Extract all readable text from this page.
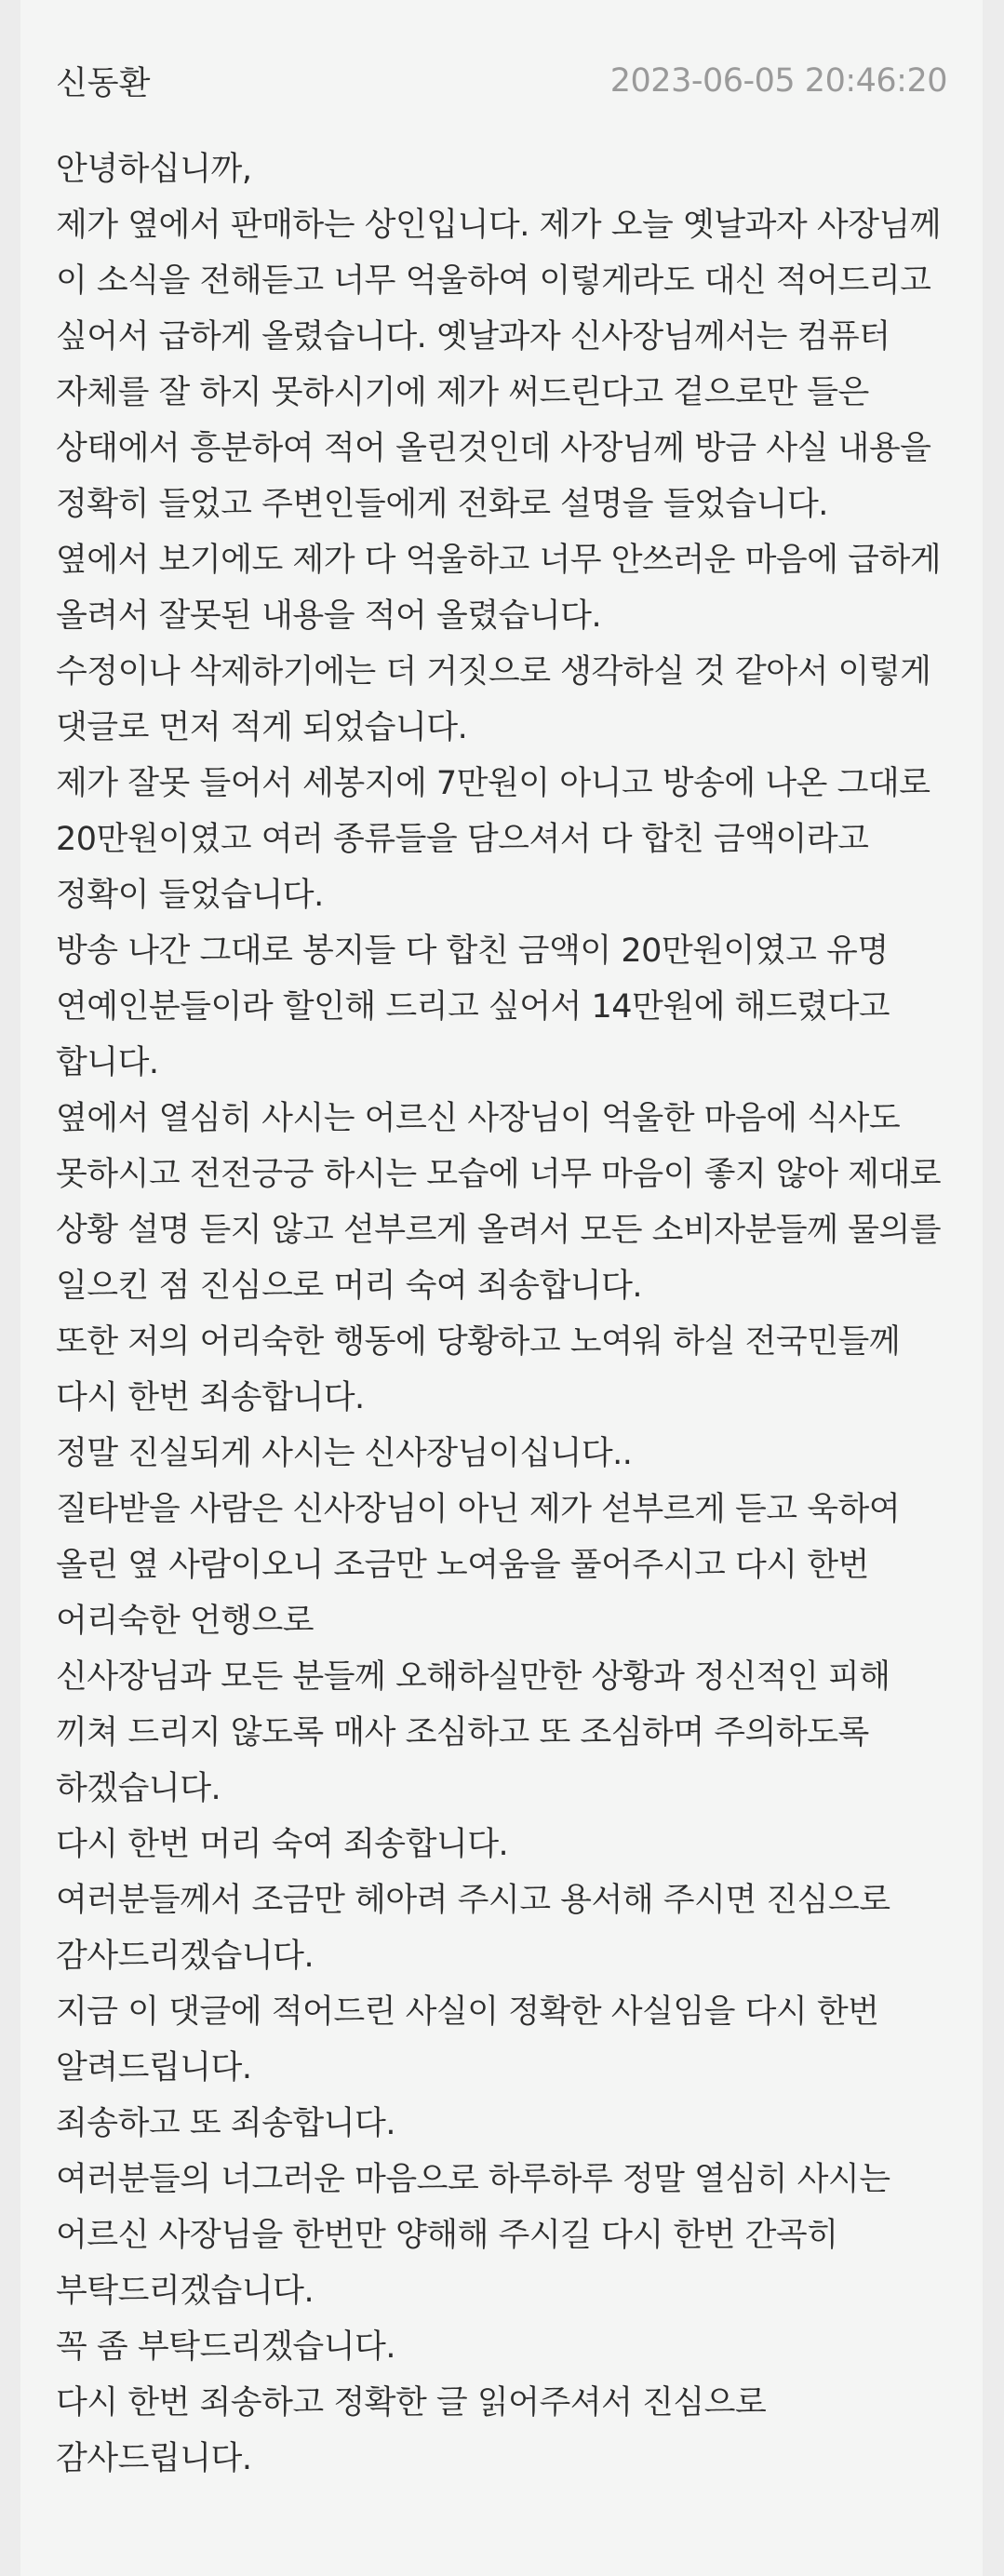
신동환	2023-06-05 20:46:20

안녕하십니까,

제가 옆에서 판매하는 상인입니다. 제가 오늘 옛날과자 사장님께 이 소식을 전해듣고 너무 억울하여 이렇게라도 대신 적어드리고 싶어서 급하게 올렸습니다. 옛날과자 신사장님께서는 컴퓨터 자체를 잘 하지 못하시기에 제가 써드린다고 겉으로만 들은 상태에서 흥분하여 적어 올린것인데 사장님께 방금 사실 내용을 정확히 들었고 주변인들에게 전화로 설명을 들었습니다.

옆에서 보기에도 제가 다 억울하고 너무 안쓰러운 마음에 급하게 올려서 잘못된 내용을 적어 올렸습니다.

수정이나 삭제하기에는 더 거짓으로 생각하실 것 같아서 이렇게 댓글로 먼저 적게 되었습니다.

제가 잘못 들어서 세봉지에 7만원이 아니고 방송에 나온 그대로 20만원이였고 여러 종류들을 담으셔서 다 합친 금액이라고 정확이 들었습니다.

방송 나간 그대로 봉지들 다 합친 금액이 20만원이였고 유명 연예인분들이라 할인해 드리고 싶어서 14만원에 해드렸다고 합니다.

옆에서 열심히 사시는 어르신 사장님이 억울한 마음에 식사도 못하시고 전전긍긍 하시는 모습에 너무 마음이 좋지 않아 제대로 상황 설명 듣지 않고 섣부르게 올려서 모든 소비자분들께 물의를 일으킨 점 진심으로 머리 숙여 죄송합니다.

또한 저의 어리숙한 행동에 당황하고 노여워 하실 전국민들께 다시 한번 죄송합니다.

정말 진실되게 사시는 신사장님이십니다..

질타받을 사람은 신사장님이 아닌 제가 섣부르게 듣고 욱하여 올린 옆 사람이오니 조금만 노여움을 풀어주시고 다시 한번 어리숙한 언행으로

신사장님과 모든 분들께 오해하실만한 상황과 정신적인 피해 끼쳐 드리지 않도록 매사 조심하고 또 조심하며 주의하도록 하겠습니다.

다시 한번 머리 숙여 죄송합니다.

여러분들께서 조금만 헤아려 주시고 용서해 주시면 진심으로 감사드리겠습니다.

지금 이 댓글에 적어드린 사실이 정확한 사실임을 다시 한번 알려드립니다.

죄송하고 또 죄송합니다.

여러분들의 너그러운 마음으로 하루하루 정말 열심히 사시는 어르신 사장님을 한번만 양해해 주시길 다시 한번 간곡히 부탁드리겠습니다.

꼭 좀 부탁드리겠습니다.

다시 한번 죄송하고 정확한 글 읽어주셔서 진심으로 감사드립니다.
